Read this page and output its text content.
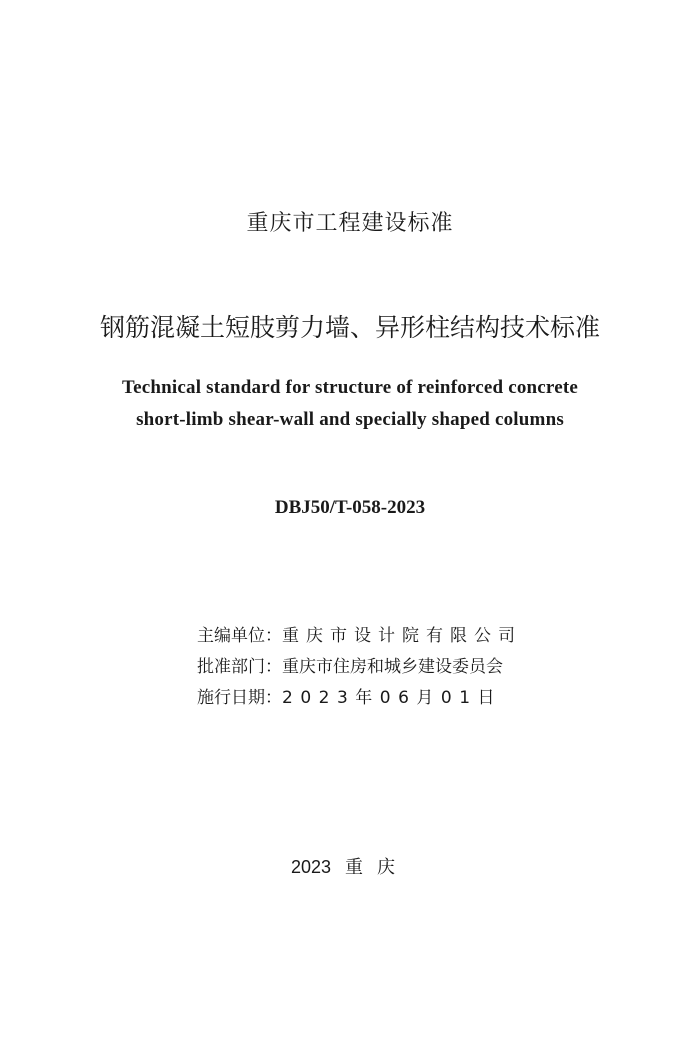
重庆市工程建设标准
钢筋混凝土短肢剪力墙、异形柱结构技术标准
Technical standard for structure of reinforced concrete
short-limb shear-wall and specially shaped columns
DBJ50/T-058-2023
主编单位：重庆市设计院有限公司
批准部门：重庆市住房和城乡建设委员会
施行日期：2023年06月01日
2023 重庆
